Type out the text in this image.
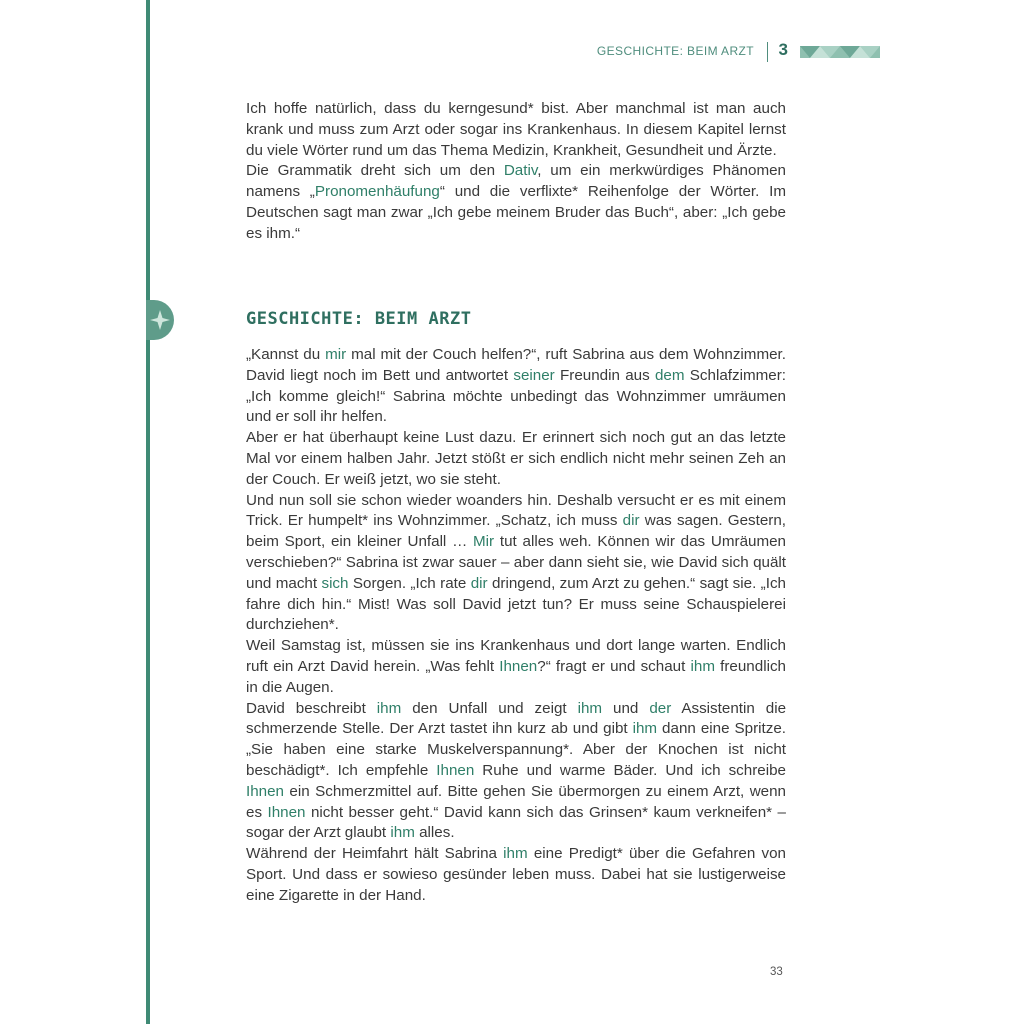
GESCHICHTE: BEIM ARZT 3

Ich hoffe natürlich, dass du kerngesund* bist. Aber manchmal ist man auch krank und muss zum Arzt oder sogar ins Krankenhaus. In diesem Kapitel lernst du viele Wörter rund um das Thema Medizin, Krankheit, Gesundheit und Ärzte.

Die Grammatik dreht sich um den Dativ, um ein merkwürdiges Phänomen namens „Pronomenhäufung“ und die verflixte* Reihenfolge der Wörter. Im Deutschen sagt man zwar „Ich gebe meinem Bruder das Buch“, aber: „Ich gebe es ihm.“

GESCHICHTE: BEIM ARZT

„Kannst du mir mal mit der Couch helfen?“, ruft Sabrina aus dem Wohnzimmer. David liegt noch im Bett und antwortet seiner Freundin aus dem Schlafzimmer: „Ich komme gleich!“ Sabrina möchte unbedingt das Wohnzimmer umräumen und er soll ihr helfen.

Aber er hat überhaupt keine Lust dazu. Er erinnert sich noch gut an das letzte Mal vor einem halben Jahr. Jetzt stößt er sich endlich nicht mehr seinen Zeh an der Couch. Er weiß jetzt, wo sie steht.

Und nun soll sie schon wieder woanders hin. Deshalb versucht er es mit einem Trick. Er humpelt* ins Wohnzimmer. „Schatz, ich muss dir was sagen. Gestern, beim Sport, ein kleiner Unfall … Mir tut alles weh. Können wir das Umräumen verschieben?“ Sabrina ist zwar sauer – aber dann sieht sie, wie David sich quält und macht sich Sorgen. „Ich rate dir dringend, zum Arzt zu gehen.“ sagt sie. „Ich fahre dich hin.“ Mist! Was soll David jetzt tun? Er muss seine Schauspielerei durchziehen*.

Weil Samstag ist, müssen sie ins Krankenhaus und dort lange warten. Endlich ruft ein Arzt David herein. „Was fehlt Ihnen?“ fragt er und schaut ihm freundlich in die Augen.

David beschreibt ihm den Unfall und zeigt ihm und der Assistentin die schmerzende Stelle. Der Arzt tastet ihn kurz ab und gibt ihm dann eine Spritze. „Sie haben eine starke Muskelverspannung*. Aber der Knochen ist nicht beschädigt*. Ich empfehle Ihnen Ruhe und warme Bäder. Und ich schreibe Ihnen ein Schmerzmittel auf. Bitte gehen Sie übermorgen zu einem Arzt, wenn es Ihnen nicht besser geht.“ David kann sich das Grinsen* kaum verkneifen* – sogar der Arzt glaubt ihm alles.

Während der Heimfahrt hält Sabrina ihm eine Predigt* über die Gefahren von Sport. Und dass er sowieso gesünder leben muss. Dabei hat sie lustigerweise eine Zigarette in der Hand.

33
